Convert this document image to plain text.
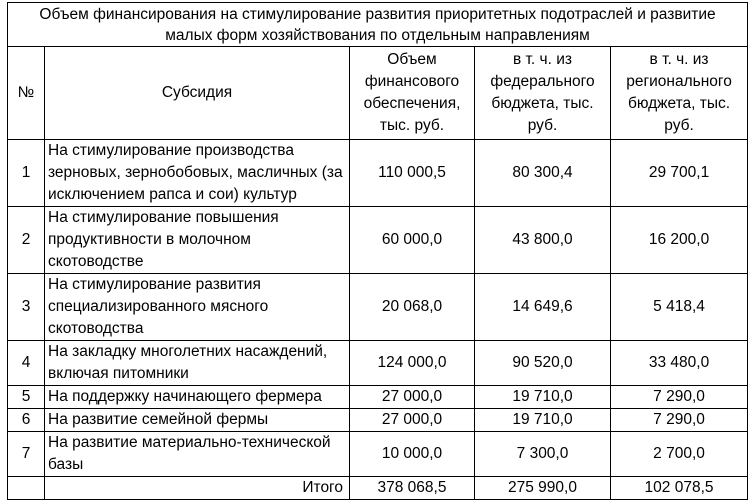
Объем финансирования на стимулирование развития приоритетных подотраслей и развитие малых форм хозяйствования по отдельным направлениям				
№	Субсидия	Объем финансового обеспечения, тыс. руб.	в т. ч. из федерального бюджета, тыс. руб.	в т. ч. из регионального бюджета, тыс. руб.
1	На стимулирование производства зерновых, зернобобовых, масличных (за исключением рапса и сои) культур	110 000,5	80 300,4	29 700,1
2	На стимулирование повышения продуктивности в молочном скотоводстве	60 000,0	43 800,0	16 200,0
3	На стимулирование развития специализированного мясного скотоводства	20 068,0	14 649,6	5 418,4
4	На закладку многолетних насаждений, включая питомники	124 000,0	90 520,0	33 480,0
5	На поддержку начинающего фермера	27 000,0	19 710,0	7 290,0
6	На развитие семейной фермы	27 000,0	19 710,0	7 290,0
7	На развитие материально-технической базы	10 000,0	7 300,0	2 700,0
	Итого	378 068,5	275 990,0	102 078,5
